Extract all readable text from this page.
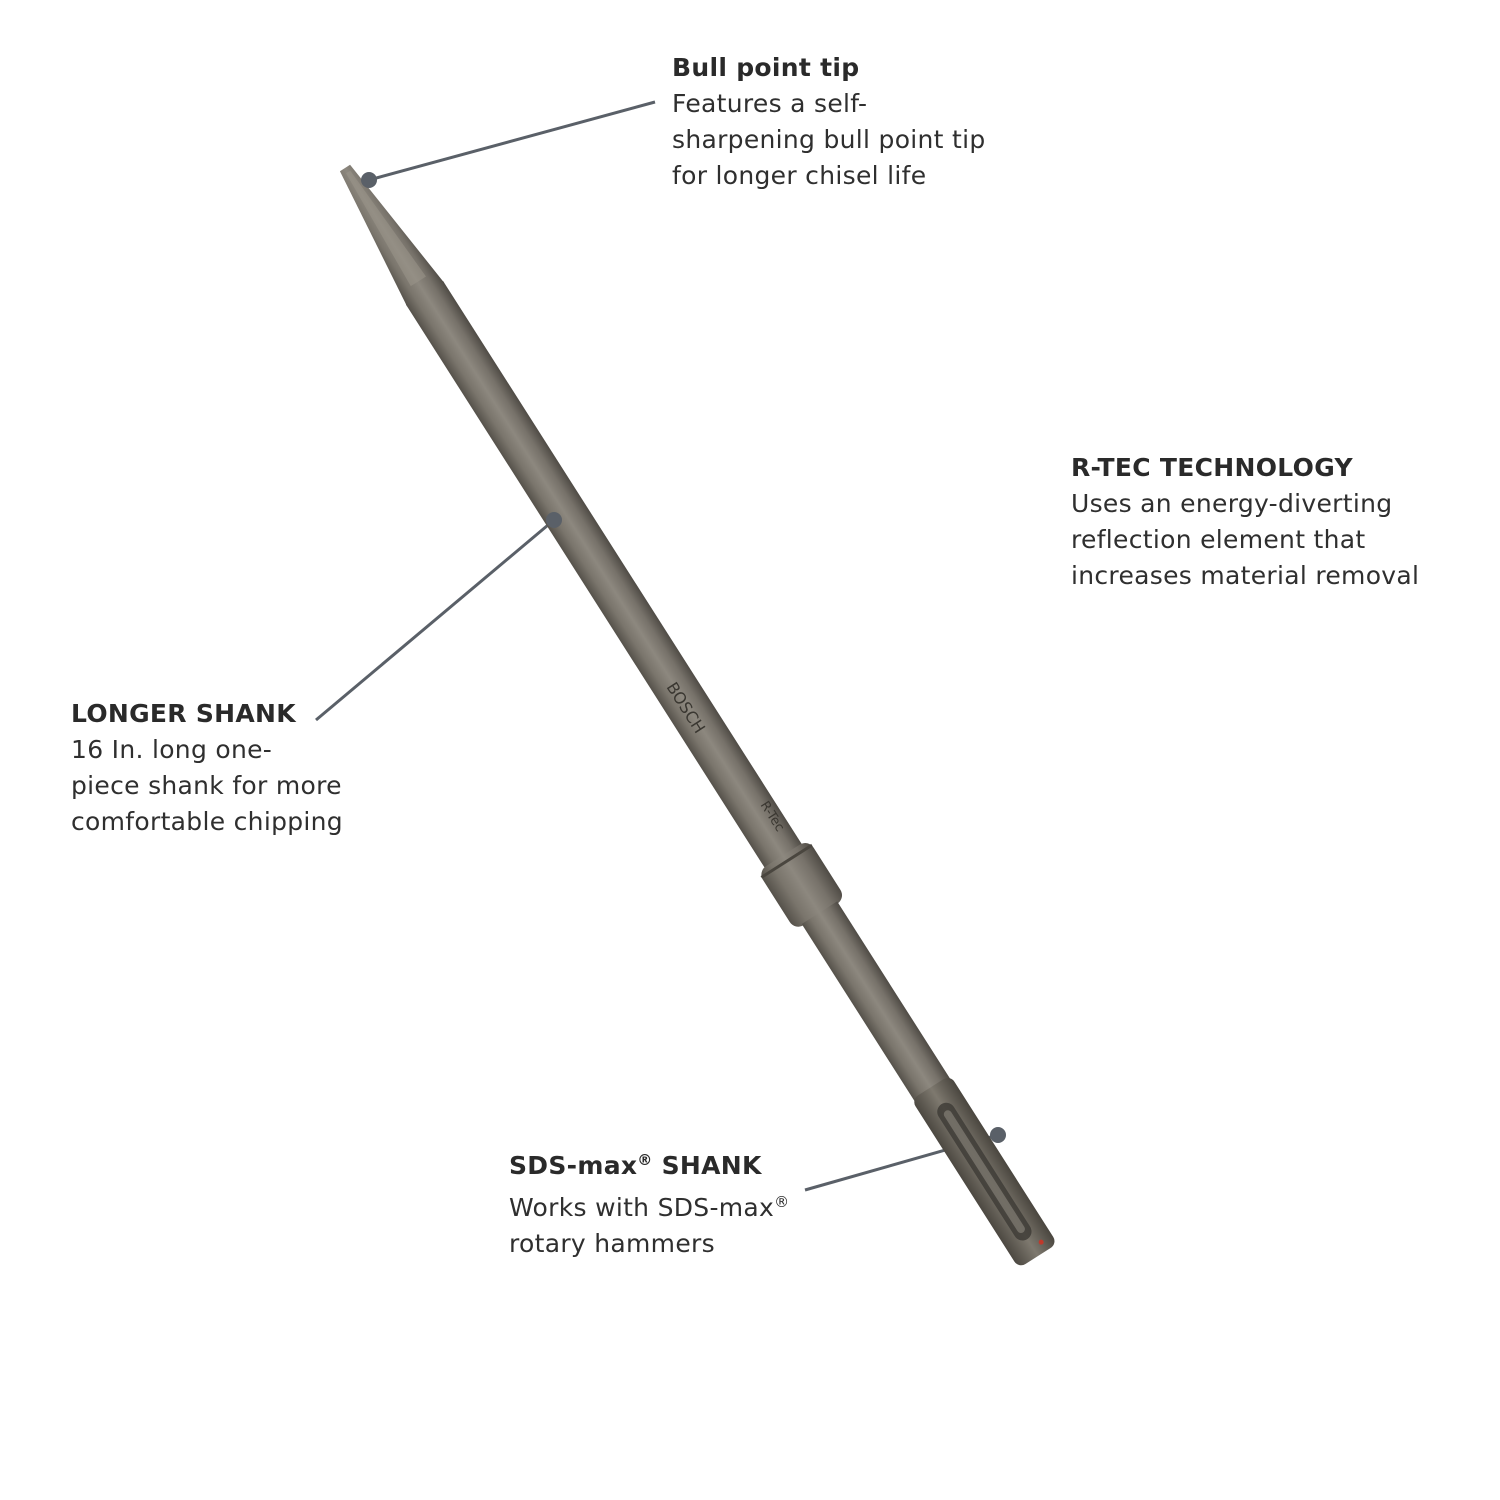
BOSCH
R-Tec
Bull point tip
Features a self-
sharpening bull point tip
for longer chisel life
R-TEC TECHNOLOGY
Uses an energy-diverting
reflection element that
increases material removal
LONGER SHANK
16 In. long one-
piece shank for more
comfortable chipping
SDS-max® SHANK
Works with SDS-max®
rotary hammers
